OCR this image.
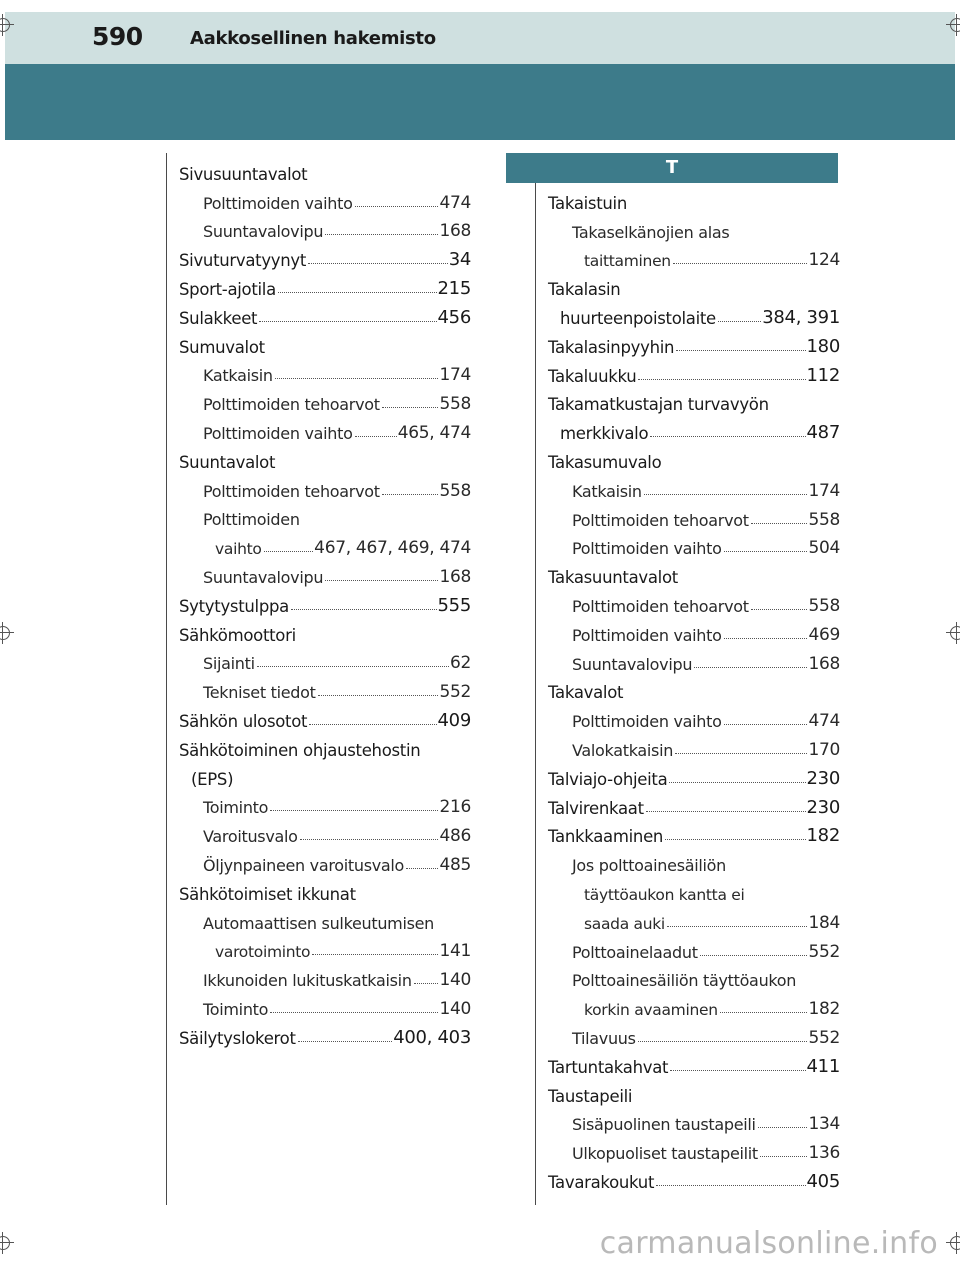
590	Aakkosellinen hakemisto
T
Sivusuuntavalot
Polttimoiden vaihto	474
Suuntavalovipu	168
Sivuturvatyynyt	34
Sport-ajotila	215
Sulakkeet	456
Sumuvalot
Katkaisin	174
Polttimoiden tehoarvot	558
Polttimoiden vaihto	465, 474
Suuntavalot
Polttimoiden tehoarvot	558
Polttimoiden
vaihto	467, 467, 469, 474
Suuntavalovipu	168
Sytytystulppa	555
Sähkömoottori
Sijainti	62
Tekniset tiedot	552
Sähkön ulosotot	409
Sähkötoiminen ohjaustehostin
(EPS)
Toiminto	216
Varoitusvalo	486
Öljynpaineen varoitusvalo 485
Sähkötoimiset ikkunat
Automaattisen sulkeutumisen
varotoiminto	141
Ikkunoiden lukituskatkaisin 140
Toiminto	140
Säilytyslokerot	400, 403
Takaistuin
Takaselkänojien alas
taittaminen	124
Takalasin
huurteenpoistolaite	384, 391
Takalasinpyyhin	180
Takaluukku	112
Takamatkustajan turvavyön
merkkivalo	487
Takasumuvalo
Katkaisin	174
Polttimoiden tehoarvot	558
Polttimoiden vaihto	504
Takasuuntavalot
Polttimoiden tehoarvot	558
Polttimoiden vaihto	469
Suuntavalovipu	168
Takavalot
Polttimoiden vaihto	474
Valokatkaisin	170
Talviajo-ohjeita	230
Talvirenkaat	230
Tankkaaminen	182
Jos polttoainesäiliön
täyttöaukon kantta ei
saada auki	184
Polttoainelaadut	552
Polttoainesäiliön täyttöaukon
korkin avaaminen	182
Tilavuus	552
Tartuntakahvat	411
Taustapeili
Sisäpuolinen taustapeili	134
Ulkopuoliset taustapeilit	136
Tavarakoukut	405
carmanualsonline.info
